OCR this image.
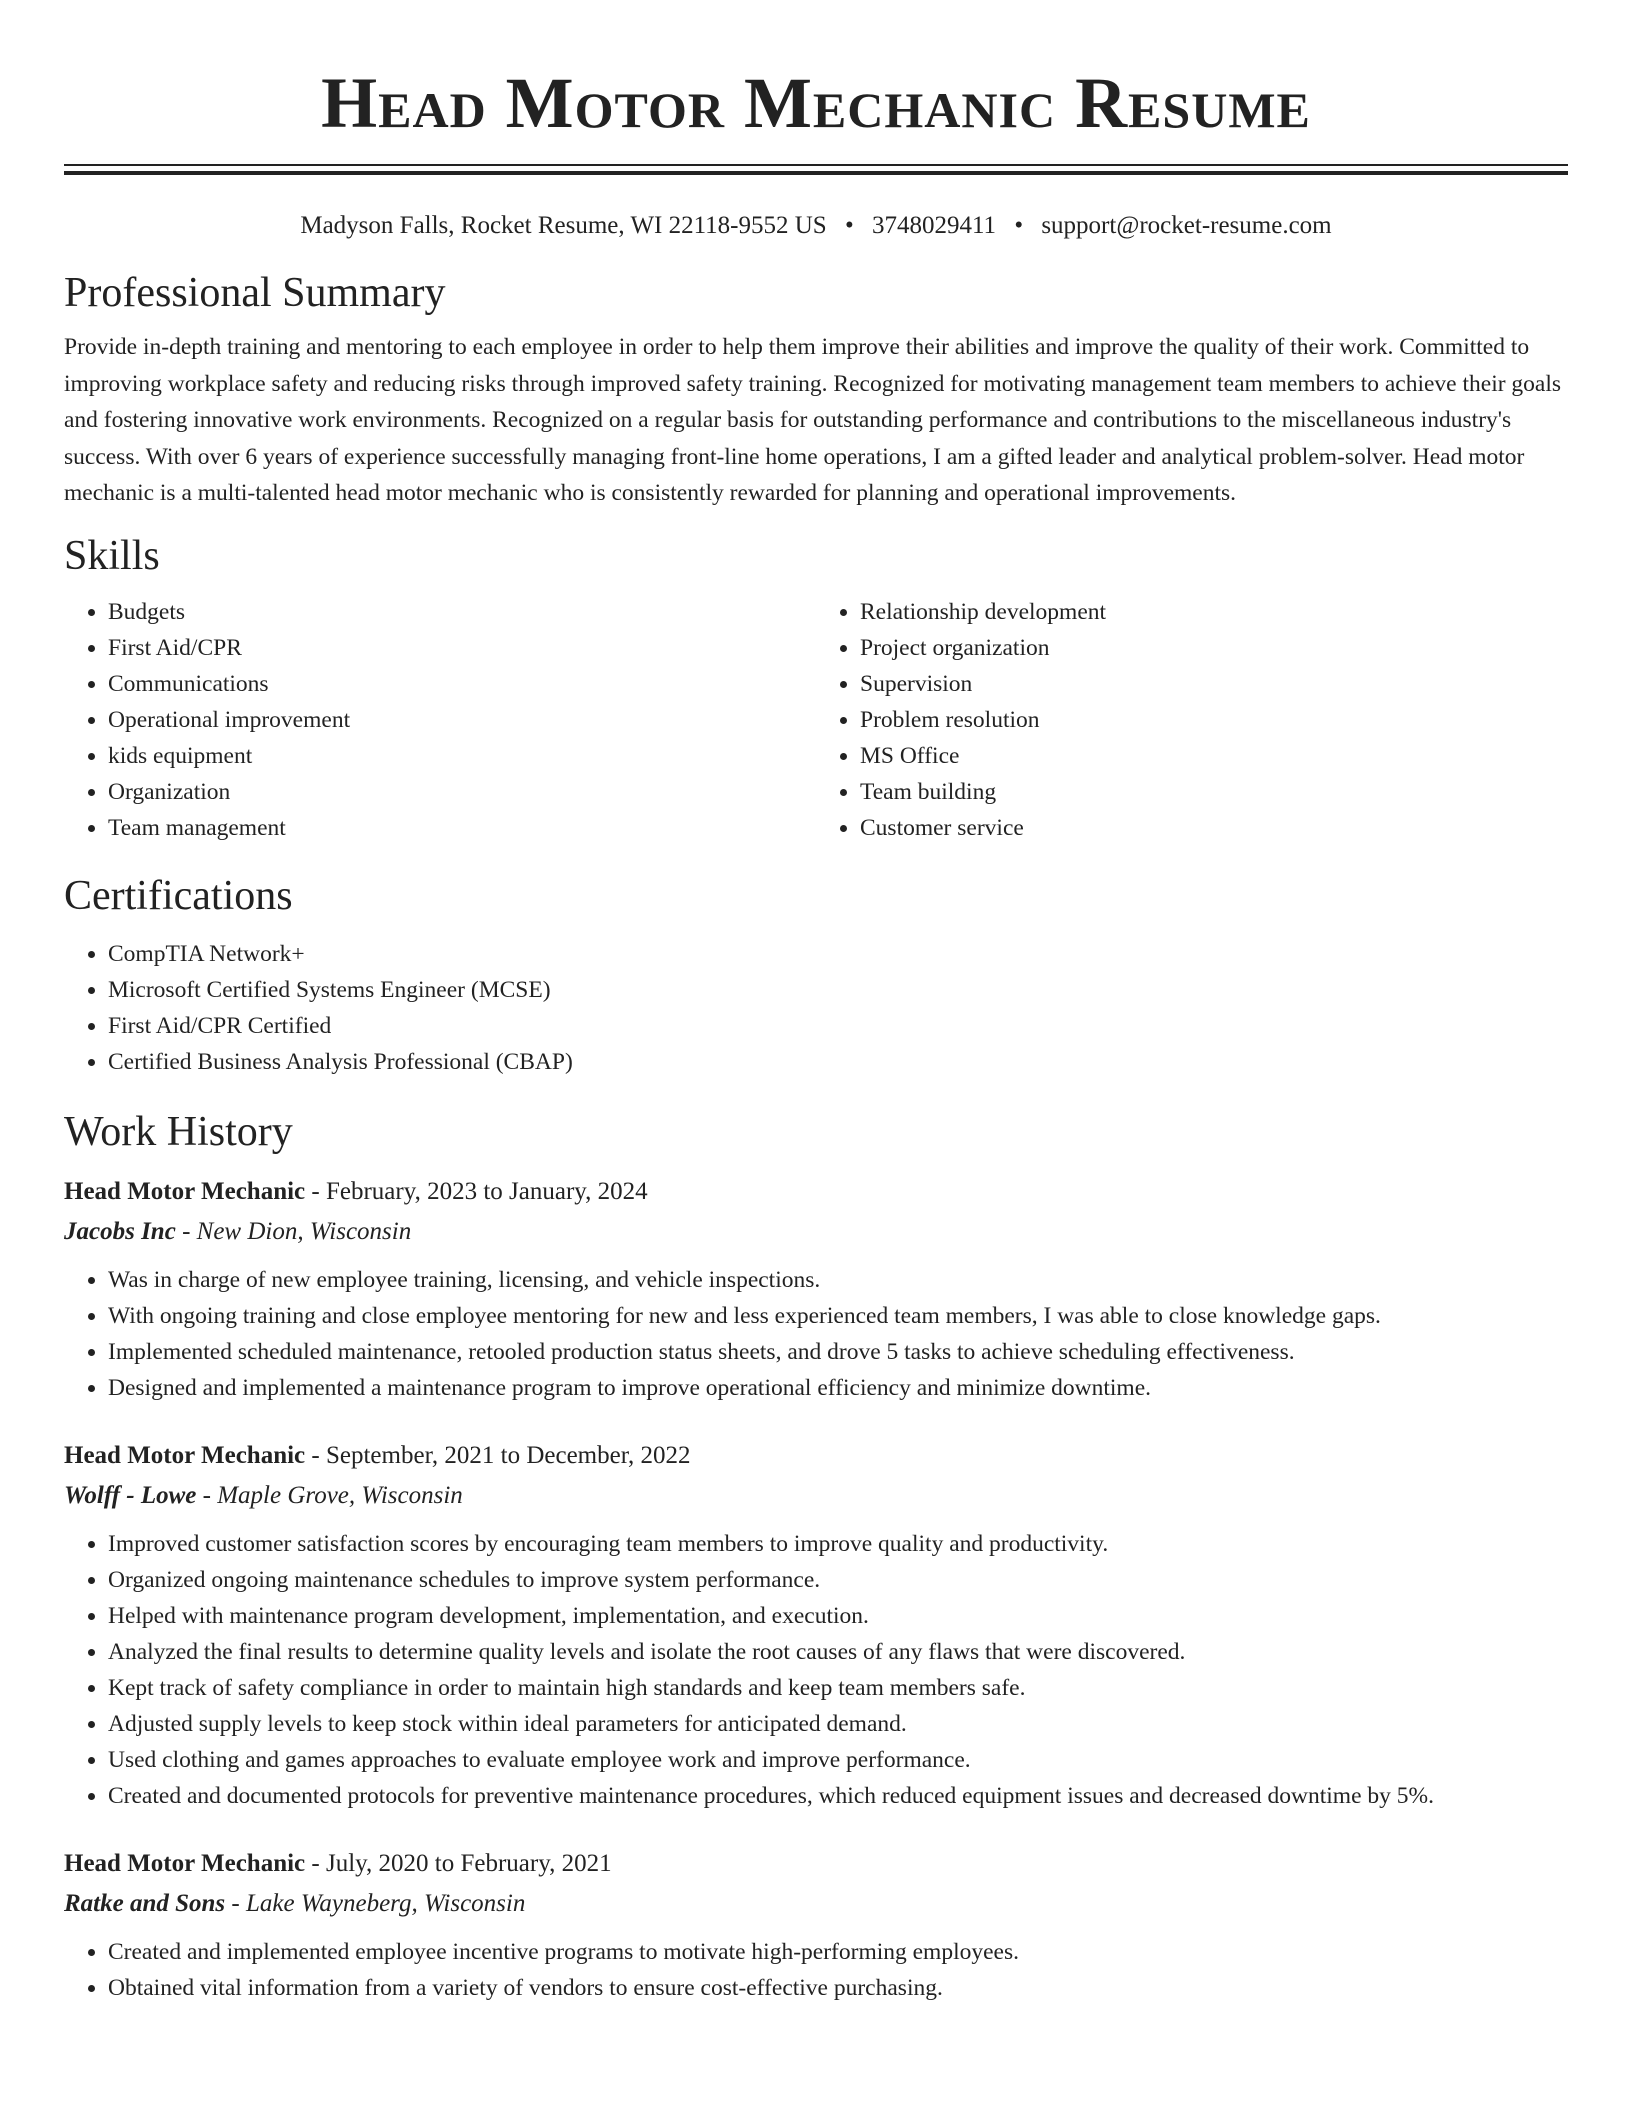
Head Motor Mechanic Resume
Madyson Falls, Rocket Resume, WI 22118-9552 US • 3748029411 • support@rocket-resume.com
Professional Summary
Provide in-depth training and mentoring to each employee in order to help them improve their abilities and improve the quality of their work. Committed to improving workplace safety and reducing risks through improved safety training. Recognized for motivating management team members to achieve their goals and fostering innovative work environments. Recognized on a regular basis for outstanding performance and contributions to the miscellaneous industry's success. With over 6 years of experience successfully managing front-line home operations, I am a gifted leader and analytical problem-solver. Head motor mechanic is a multi-talented head motor mechanic who is consistently rewarded for planning and operational improvements.
Skills
• Budgets
• First Aid/CPR
• Communications
• Operational improvement
• kids equipment
• Organization
• Team management
• Relationship development
• Project organization
• Supervision
• Problem resolution
• MS Office
• Team building
• Customer service
Certifications
• CompTIA Network+
• Microsoft Certified Systems Engineer (MCSE)
• First Aid/CPR Certified
• Certified Business Analysis Professional (CBAP)
Work History
Head Motor Mechanic - February, 2023 to January, 2024
Jacobs Inc - New Dion, Wisconsin
• Was in charge of new employee training, licensing, and vehicle inspections.
• With ongoing training and close employee mentoring for new and less experienced team members, I was able to close knowledge gaps.
• Implemented scheduled maintenance, retooled production status sheets, and drove 5 tasks to achieve scheduling effectiveness.
• Designed and implemented a maintenance program to improve operational efficiency and minimize downtime.
Head Motor Mechanic - September, 2021 to December, 2022
Wolff - Lowe - Maple Grove, Wisconsin
• Improved customer satisfaction scores by encouraging team members to improve quality and productivity.
• Organized ongoing maintenance schedules to improve system performance.
• Helped with maintenance program development, implementation, and execution.
• Analyzed the final results to determine quality levels and isolate the root causes of any flaws that were discovered.
• Kept track of safety compliance in order to maintain high standards and keep team members safe.
• Adjusted supply levels to keep stock within ideal parameters for anticipated demand.
• Used clothing and games approaches to evaluate employee work and improve performance.
• Created and documented protocols for preventive maintenance procedures, which reduced equipment issues and decreased downtime by 5%.
Head Motor Mechanic - July, 2020 to February, 2021
Ratke and Sons - Lake Wayneberg, Wisconsin
• Created and implemented employee incentive programs to motivate high-performing employees.
• Obtained vital information from a variety of vendors to ensure cost-effective purchasing.
